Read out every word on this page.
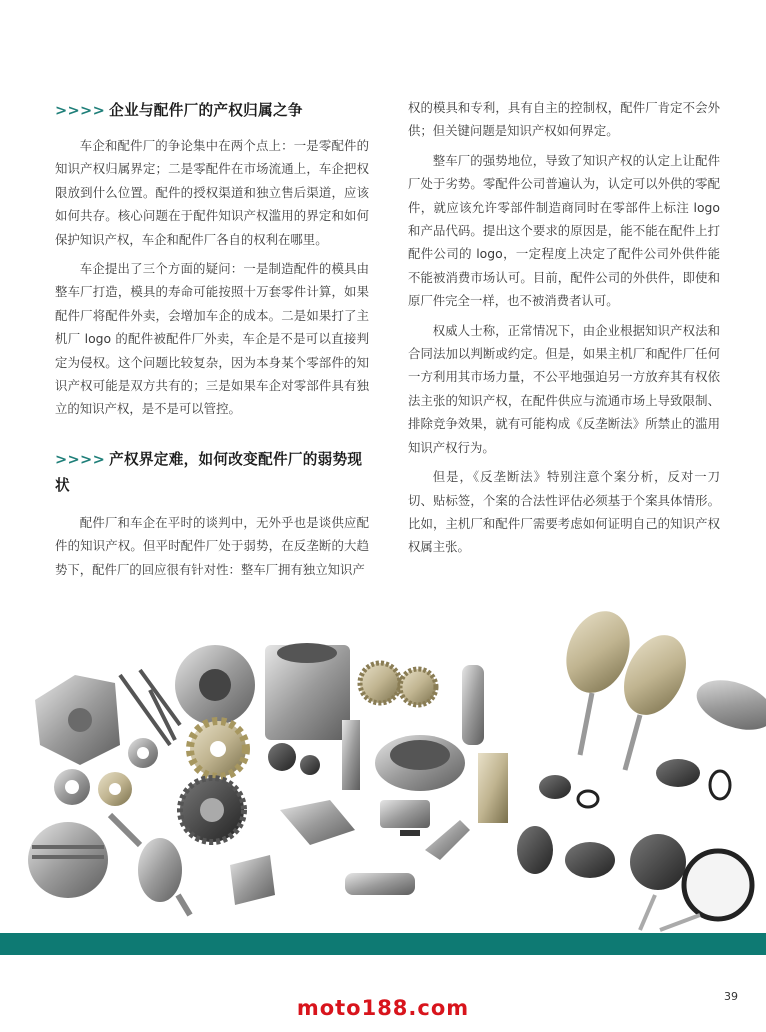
>>>> 企业与配件厂的产权归属之争

车企和配件厂的争论集中在两个点上：一是零配件的知识产权归属界定；二是零配件在市场流通上，车企把权限放到什么位置。配件的授权渠道和独立售后渠道，应该如何共存。核心问题在于配件知识产权滥用的界定和如何保护知识产权，车企和配件厂各自的权利在哪里。

车企提出了三个方面的疑问：一是制造配件的模具由整车厂打造，模具的寿命可能按照十万套零件计算，如果配件厂将配件外卖，会增加车企的成本。二是如果打了主机厂 logo 的配件被配件厂外卖，车企是不是可以直接判定为侵权。这个问题比较复杂，因为本身某个零部件的知识产权可能是双方共有的；三是如果车企对零部件具有独立的知识产权，是不是可以管控。

>>>> 产权界定难，如何改变配件厂的弱势现状

配件厂和车企在平时的谈判中，无外乎也是谈供应配件的知识产权。但平时配件厂处于弱势，在反垄断的大趋势下，配件厂的回应很有针对性：整车厂拥有独立知识产

权的模具和专利，具有自主的控制权，配件厂肯定不会外供；但关键问题是知识产权如何界定。

整车厂的强势地位，导致了知识产权的认定上让配件厂处于劣势。零配件公司普遍认为，认定可以外供的零配件，就应该允许零部件制造商同时在零部件上标注 logo 和产品代码。提出这个要求的原因是，能不能在配件上打配件公司的 logo，一定程度上决定了配件公司外供件能不能被消费市场认可。目前，配件公司的外供件，即使和原厂件完全一样，也不被消费者认可。

权威人士称，正常情况下，由企业根据知识产权法和合同法加以判断或约定。但是，如果主机厂和配件厂任何一方利用其市场力量，不公平地强迫另一方放弃其有权依法主张的知识产权，在配件供应与流通市场上导致限制、排除竞争效果，就有可能构成《反垄断法》所禁止的滥用知识产权行为。

但是，《反垄断法》特别注意个案分析，反对一刀切、贴标签，个案的合法性评估必须基于个案具体情形。比如，主机厂和配件厂需要考虑如何证明自己的知识产权权属主张。

moto188.com	39
